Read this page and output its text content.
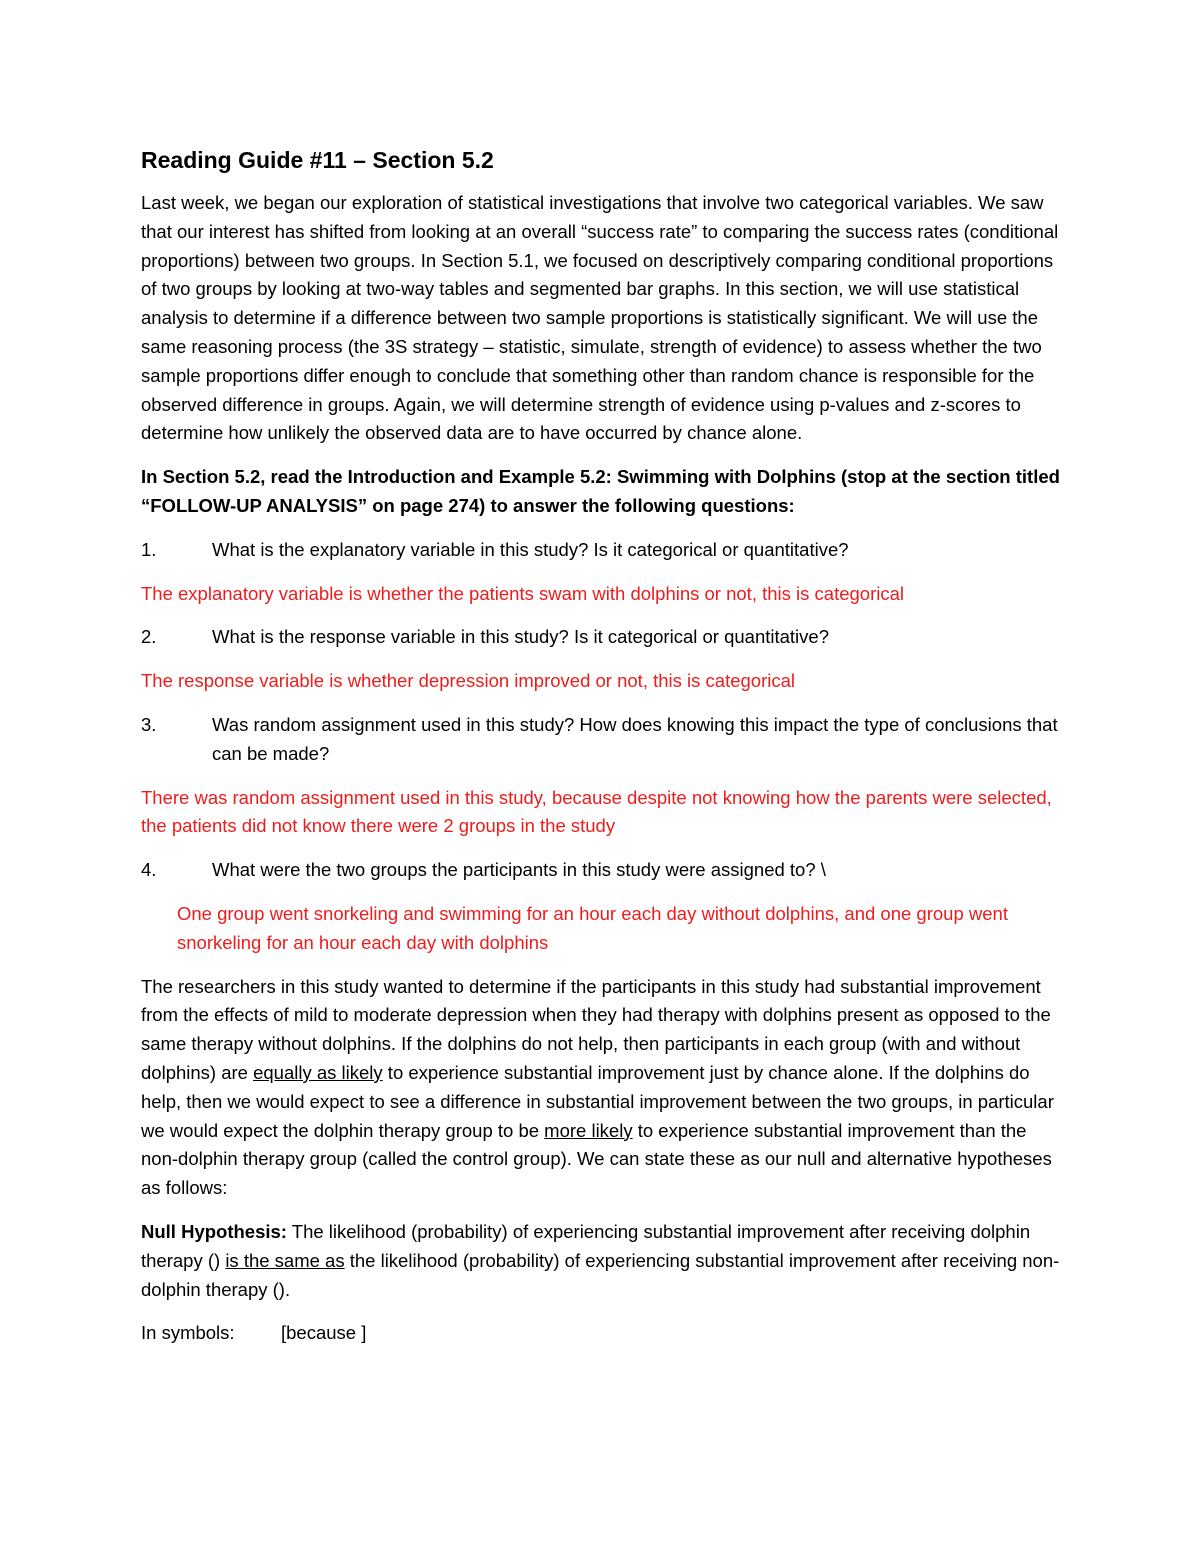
Reading Guide #11 – Section 5.2

Last week, we began our exploration of statistical investigations that involve two categorical variables. We saw that our interest has shifted from looking at an overall “success rate” to comparing the success rates (conditional proportions) between two groups. In Section 5.1, we focused on descriptively comparing conditional proportions of two groups by looking at two-way tables and segmented bar graphs. In this section, we will use statistical analysis to determine if a difference between two sample proportions is statistically significant. We will use the same reasoning process (the 3S strategy – statistic, simulate, strength of evidence) to assess whether the two sample proportions differ enough to conclude that something other than random chance is responsible for the observed difference in groups. Again, we will determine strength of evidence using p-values and z-scores to determine how unlikely the observed data are to have occurred by chance alone.

In Section 5.2, read the Introduction and Example 5.2: Swimming with Dolphins (stop at the section titled “FOLLOW-UP ANALYSIS” on page 274) to answer the following questions:

1.	What is the explanatory variable in this study? Is it categorical or quantitative?

The explanatory variable is whether the patients swam with dolphins or not, this is categorical

2.	What is the response variable in this study? Is it categorical or quantitative?

The response variable is whether depression improved or not, this is categorical

3.	Was random assignment used in this study? How does knowing this impact the type of conclusions that can be made?

There was random assignment used in this study, because despite not knowing how the parents were selected, the patients did not know there were 2 groups in the study

4.	What were the two groups the participants in this study were assigned to? \

One group went snorkeling and swimming for an hour each day without dolphins, and one group went snorkeling for an hour each day with dolphins

The researchers in this study wanted to determine if the participants in this study had substantial improvement from the effects of mild to moderate depression when they had therapy with dolphins present as opposed to the same therapy without dolphins. If the dolphins do not help, then participants in each group (with and without dolphins) are equally as likely to experience substantial improvement just by chance alone. If the dolphins do help, then we would expect to see a difference in substantial improvement between the two groups, in particular we would expect the dolphin therapy group to be more likely to experience substantial improvement than the non-dolphin therapy group (called the control group). We can state these as our null and alternative hypotheses as follows:

Null Hypothesis: The likelihood (probability) of experiencing substantial improvement after receiving dolphin therapy () is the same as the likelihood (probability) of experiencing substantial improvement after receiving non-dolphin therapy ().

In symbols:	[because ]
